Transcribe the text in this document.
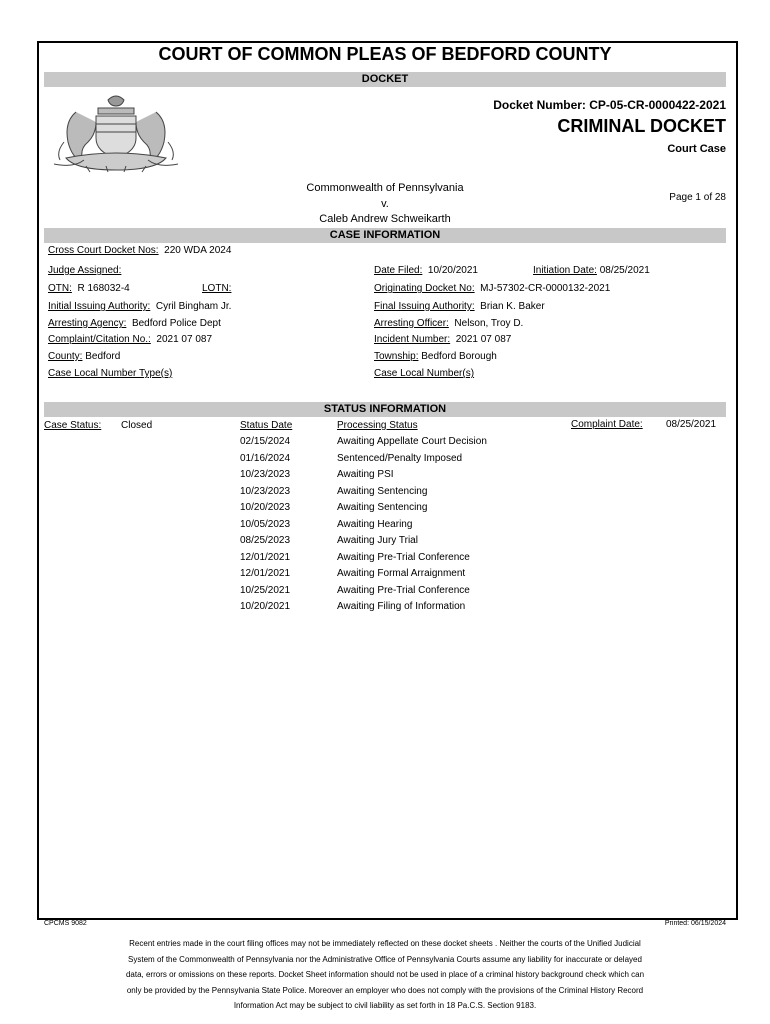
COURT OF COMMON PLEAS OF BEDFORD COUNTY
DOCKET
Docket Number: CP-05-CR-0000422-2021
CRIMINAL DOCKET
Court Case
Commonwealth of Pennsylvania
v.
Caleb Andrew Schweikarth
Page 1 of 28
CASE INFORMATION
Cross Court Docket Nos: 220 WDA 2024
Judge Assigned:
OTN: R 168032-4	LOTN:
Initial Issuing Authority: Cyril Bingham Jr.
Arresting Agency: Bedford Police Dept
Complaint/Citation No.: 2021 07 087
County: Bedford
Case Local Number Type(s)
Date Filed: 10/20/2021	Initiation Date: 08/25/2021
Originating Docket No: MJ-57302-CR-0000132-2021
Final Issuing Authority: Brian K. Baker
Arresting Officer: Nelson, Troy D.
Incident Number: 2021 07 087
Township: Bedford Borough
Case Local Number(s)
STATUS INFORMATION
Case Status: Closed	Status Date	Processing Status	Complaint Date: 08/25/2021
02/15/2024	Awaiting Appellate Court Decision
01/16/2024	Sentenced/Penalty Imposed
10/23/2023	Awaiting PSI
10/23/2023	Awaiting Sentencing
10/20/2023	Awaiting Sentencing
10/05/2023	Awaiting Hearing
08/25/2023	Awaiting Jury Trial
12/01/2021	Awaiting Pre-Trial Conference
12/01/2021	Awaiting Formal Arraignment
10/25/2021	Awaiting Pre-Trial Conference
10/20/2021	Awaiting Filing of Information
CPCMS 9082	Printed: 06/15/2024
Recent entries made in the court filing offices may not be immediately reflected on these docket sheets . Neither the courts of the Unified Judicial
System of the Commonwealth of Pennsylvania nor the Administrative Office of Pennsylvania Courts assume any liability for inaccurate or delayed
data, errors or omissions on these reports. Docket Sheet information should not be used in place of a criminal history background check which can
only be provided by the Pennsylvania State Police. Moreover an employer who does not comply with the provisions of the Criminal History Record
Information Act may be subject to civil liability as set forth in 18 Pa.C.S. Section 9183.
